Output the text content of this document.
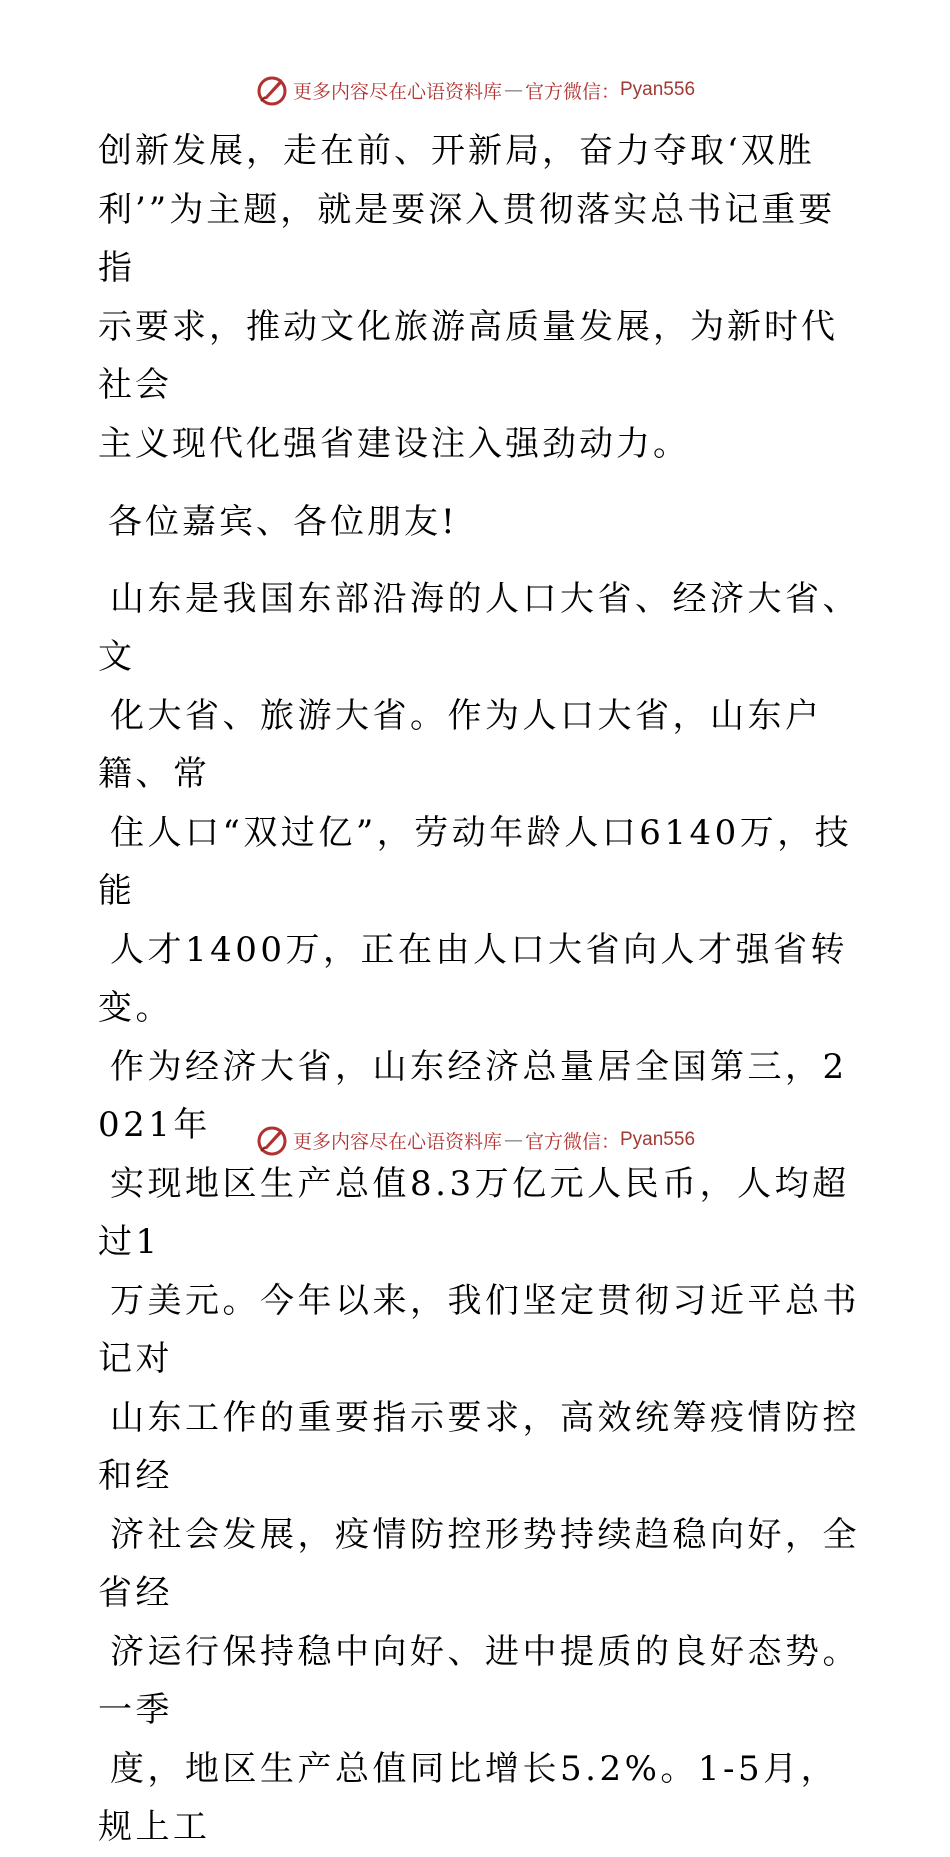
更多内容尽在心语资料库 — 官方微信： Pyan556

创新发展，走在前、开新局，奋力夺取‘双胜
利’”为主题，就是要深入贯彻落实总书记重要指
示要求，推动文化旅游高质量发展，为新时代社会
主义现代化强省建设注入强劲动力。

各位嘉宾、各位朋友!

山东是我国东部沿海的人口大省、经济大省、文
化大省、旅游大省。作为人口大省，山东户籍、常
住人口“双过亿”，劳动年龄人口6140万，技能
人才1400万，正在由人口大省向人才强省转变。
作为经济大省，山东经济总量居全国第三，2021年
实现地区生产总值8.3万亿元人民币，人均超过1
万美元。今年以来，我们坚定贯彻习近平总书记对
山东工作的重要指示要求，高效统筹疫情防控和经
济社会发展，疫情防控形势持续趋稳向好，全省经
济运行保持稳中向好、进中提质的良好态势。一季
度，地区生产总值同比增长5.2%。1-5月，规上工

更多内容尽在心语资料库 — 官方微信： Pyan556
